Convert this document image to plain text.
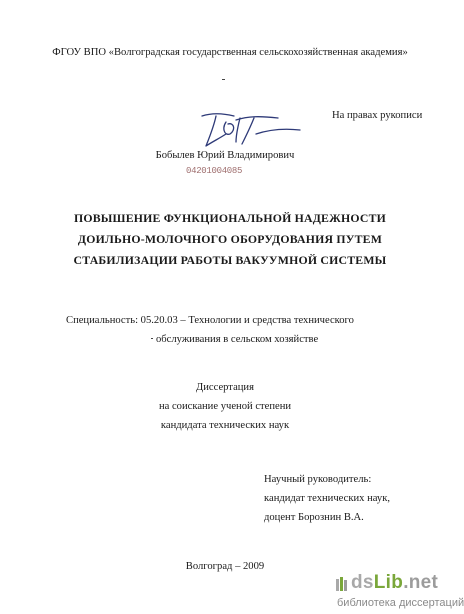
ФГОУ ВПО «Волгоградская государственная сельскохозяйственная академия»
На правах рукописи
Бобылев Юрий Владимирович
04201004085
ПОВЫШЕНИЕ ФУНКЦИОНАЛЬНОЙ НАДЕЖНОСТИ ДОИЛЬНО-МОЛОЧНОГО ОБОРУДОВАНИЯ ПУТЕМ СТАБИЛИЗАЦИИ РАБОТЫ ВАКУУМНОЙ СИСТЕМЫ
Специальность: 05.20.03 – Технологии и средства технического
обслуживания в сельском хозяйстве
Диссертация
на соискание ученой степени
кандидата технических наук
Научный руководитель:
кандидат технических наук,
доцент Борознин В.А.
Волгоград – 2009
dsLib.net
библиотека диссертаций
